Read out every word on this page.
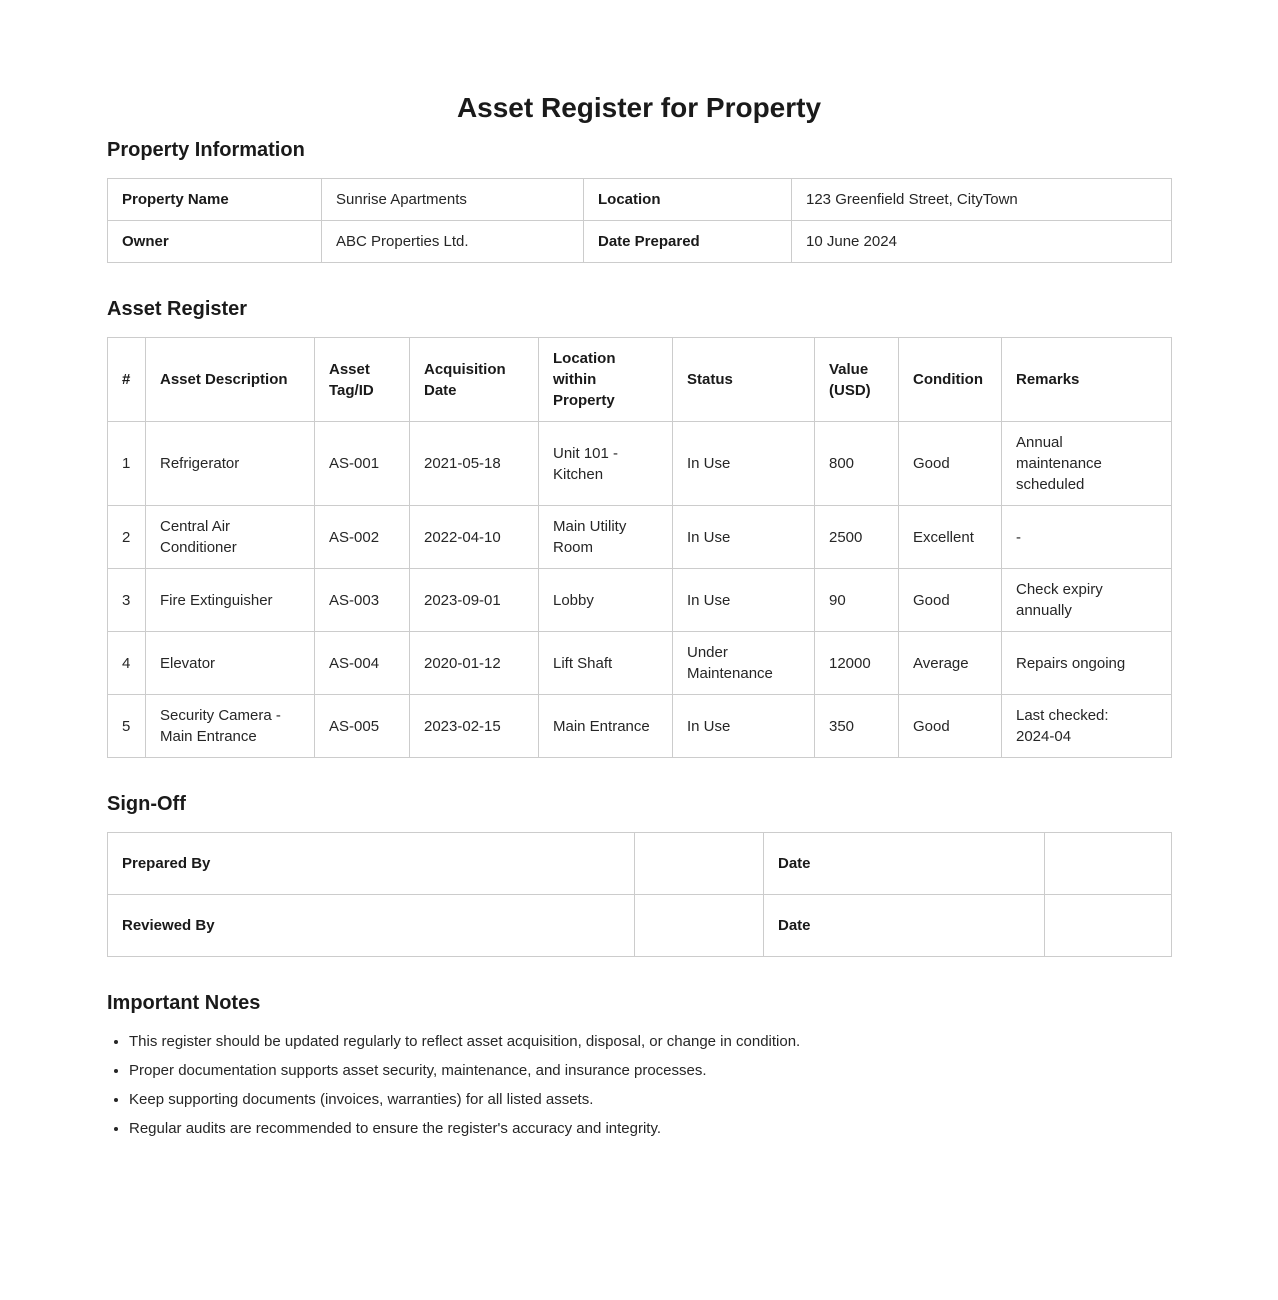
Asset Register for Property
Property Information
Property Name	Sunrise Apartments	Location	123 Greenfield Street, CityTown
Owner	ABC Properties Ltd.	Date Prepared	10 June 2024
Asset Register
#	Asset Description	Asset Tag/ID	Acquisition Date	Location within Property	Status	Value (USD)	Condition	Remarks
1	Refrigerator	AS-001	2021-05-18	Unit 101 - Kitchen	In Use	800	Good	Annual maintenance scheduled
2	Central Air Conditioner	AS-002	2022-04-10	Main Utility Room	In Use	2500	Excellent	-
3	Fire Extinguisher	AS-003	2023-09-01	Lobby	In Use	90	Good	Check expiry annually
4	Elevator	AS-004	2020-01-12	Lift Shaft	Under Maintenance	12000	Average	Repairs ongoing
5	Security Camera - Main Entrance	AS-005	2023-02-15	Main Entrance	In Use	350	Good	Last checked: 2024-04
Sign-Off
Prepared By		Date	
Reviewed By		Date	
Important Notes
• This register should be updated regularly to reflect asset acquisition, disposal, or change in condition.
• Proper documentation supports asset security, maintenance, and insurance processes.
• Keep supporting documents (invoices, warranties) for all listed assets.
• Regular audits are recommended to ensure the register's accuracy and integrity.
